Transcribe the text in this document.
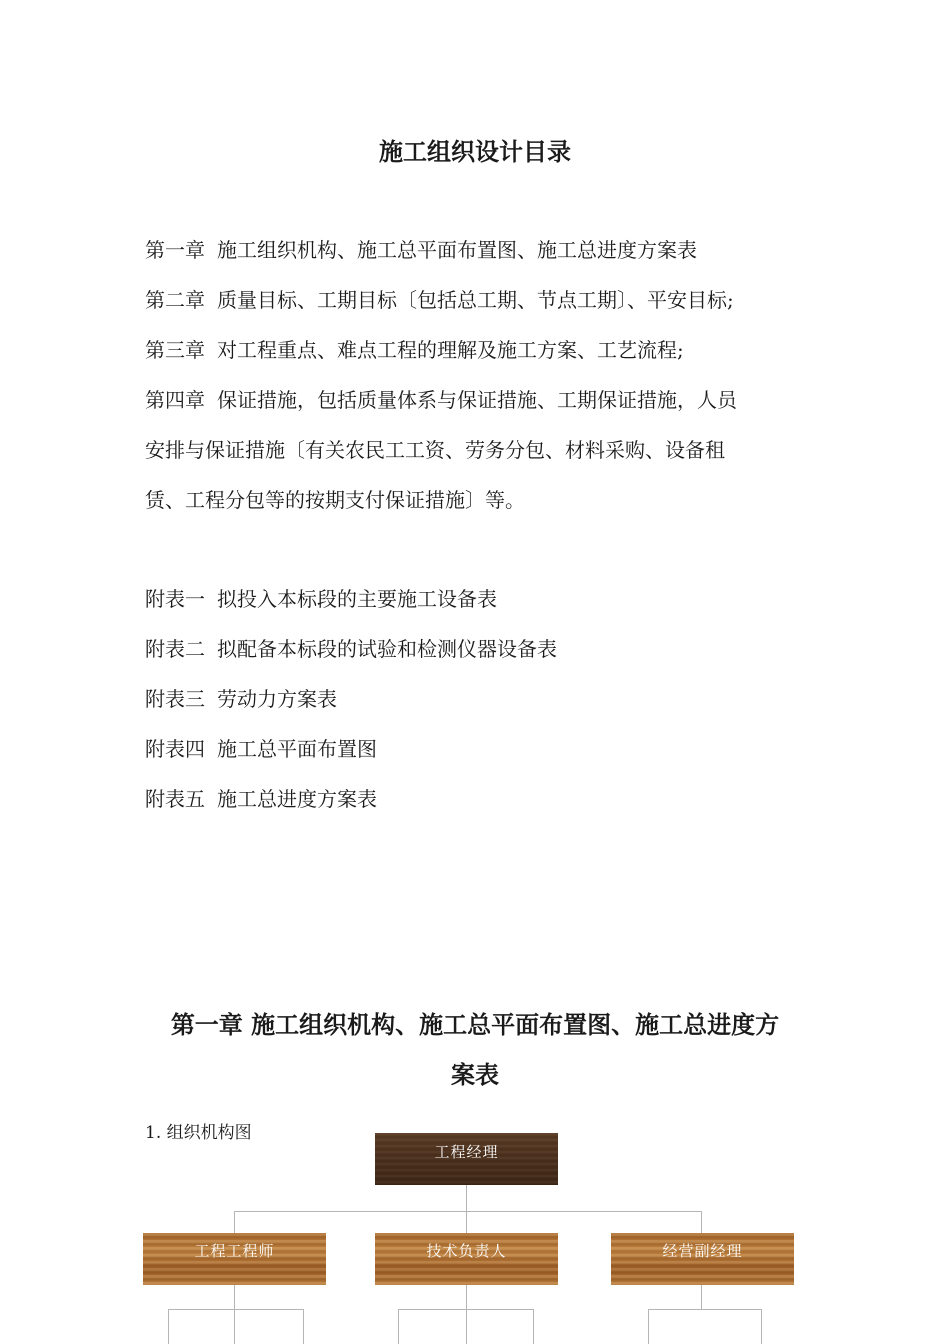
施工组织设计目录
第一章 施工组织机构、施工总平面布置图、施工总进度方案表
第二章 质量目标、工期目标〔包括总工期、节点工期〕、平安目标;
第三章 对工程重点、难点工程的理解及施工方案、工艺流程;
第四章 保证措施，包括质量体系与保证措施、工期保证措施，人员
安排与保证措施〔有关农民工工资、劳务分包、材料采购、设备租
赁、工程分包等的按期支付保证措施〕等。
附表一 拟投入本标段的主要施工设备表
附表二 拟配备本标段的试验和检测仪器设备表
附表三 劳动力方案表
附表四 施工总平面布置图
附表五 施工总进度方案表
第一章 施工组织机构、施工总平面布置图、施工总进度方
案表
1. 组织机构图
工程经理
工程工程师	技术负责人	经营副经理
